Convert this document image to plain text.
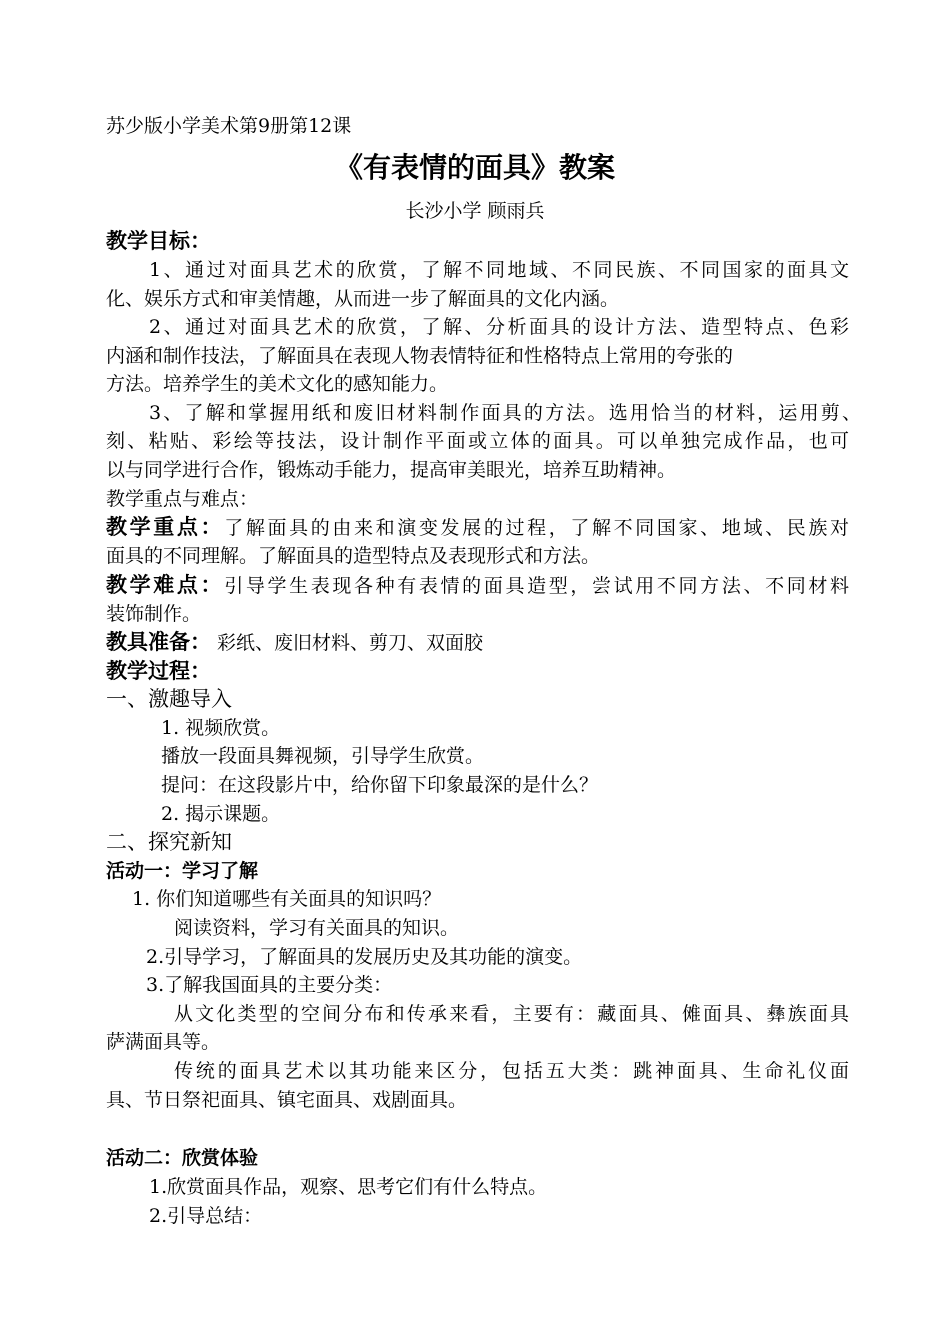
苏少版小学美术第9册第12课
《有表情的面具》教案
长沙小学 顾雨兵
教学目标：
1、通过对面具艺术的欣赏，了解不同地域、不同民族、不同国家的面具文
化、娱乐方式和审美情趣，从而进一步了解面具的文化内涵。
2、通过对面具艺术的欣赏，了解、分析面具的设计方法、造型特点、色彩
内涵和制作技法，了解面具在表现人物表情特征和性格特点上常用的夸张的
方法。培养学生的美术文化的感知能力。
3、了解和掌握用纸和废旧材料制作面具的方法。选用恰当的材料，运用剪、
刻、粘贴、彩绘等技法，设计制作平面或立体的面具。可以单独完成作品，也可
以与同学进行合作，锻炼动手能力，提高审美眼光，培养互助精神。
教学重点与难点：
教学重点：了解面具的由来和演变发展的过程，了解不同国家、地域、民族对
面具的不同理解。了解面具的造型特点及表现形式和方法。
教学难点：引导学生表现各种有表情的面具造型，尝试用不同方法、不同材料
装饰制作。
教具准备： 彩纸、废旧材料、剪刀、双面胶
教学过程：
一、激趣导入
1. 视频欣赏。
播放一段面具舞视频，引导学生欣赏。
提问：在这段影片中，给你留下印象最深的是什么？
2. 揭示课题。
二、探究新知
活动一：学习了解
1. 你们知道哪些有关面具的知识吗？
阅读资料，学习有关面具的知识。
2.引导学习，了解面具的发展历史及其功能的演变。
3.了解我国面具的主要分类：
从文化类型的空间分布和传承来看，主要有：藏面具、傩面具、彝族面具
萨满面具等。
传统的面具艺术以其功能来区分，包括五大类：跳神面具、生命礼仪面
具、节日祭祀面具、镇宅面具、戏剧面具。
活动二：欣赏体验
1.欣赏面具作品，观察、思考它们有什么特点。
2.引导总结：
